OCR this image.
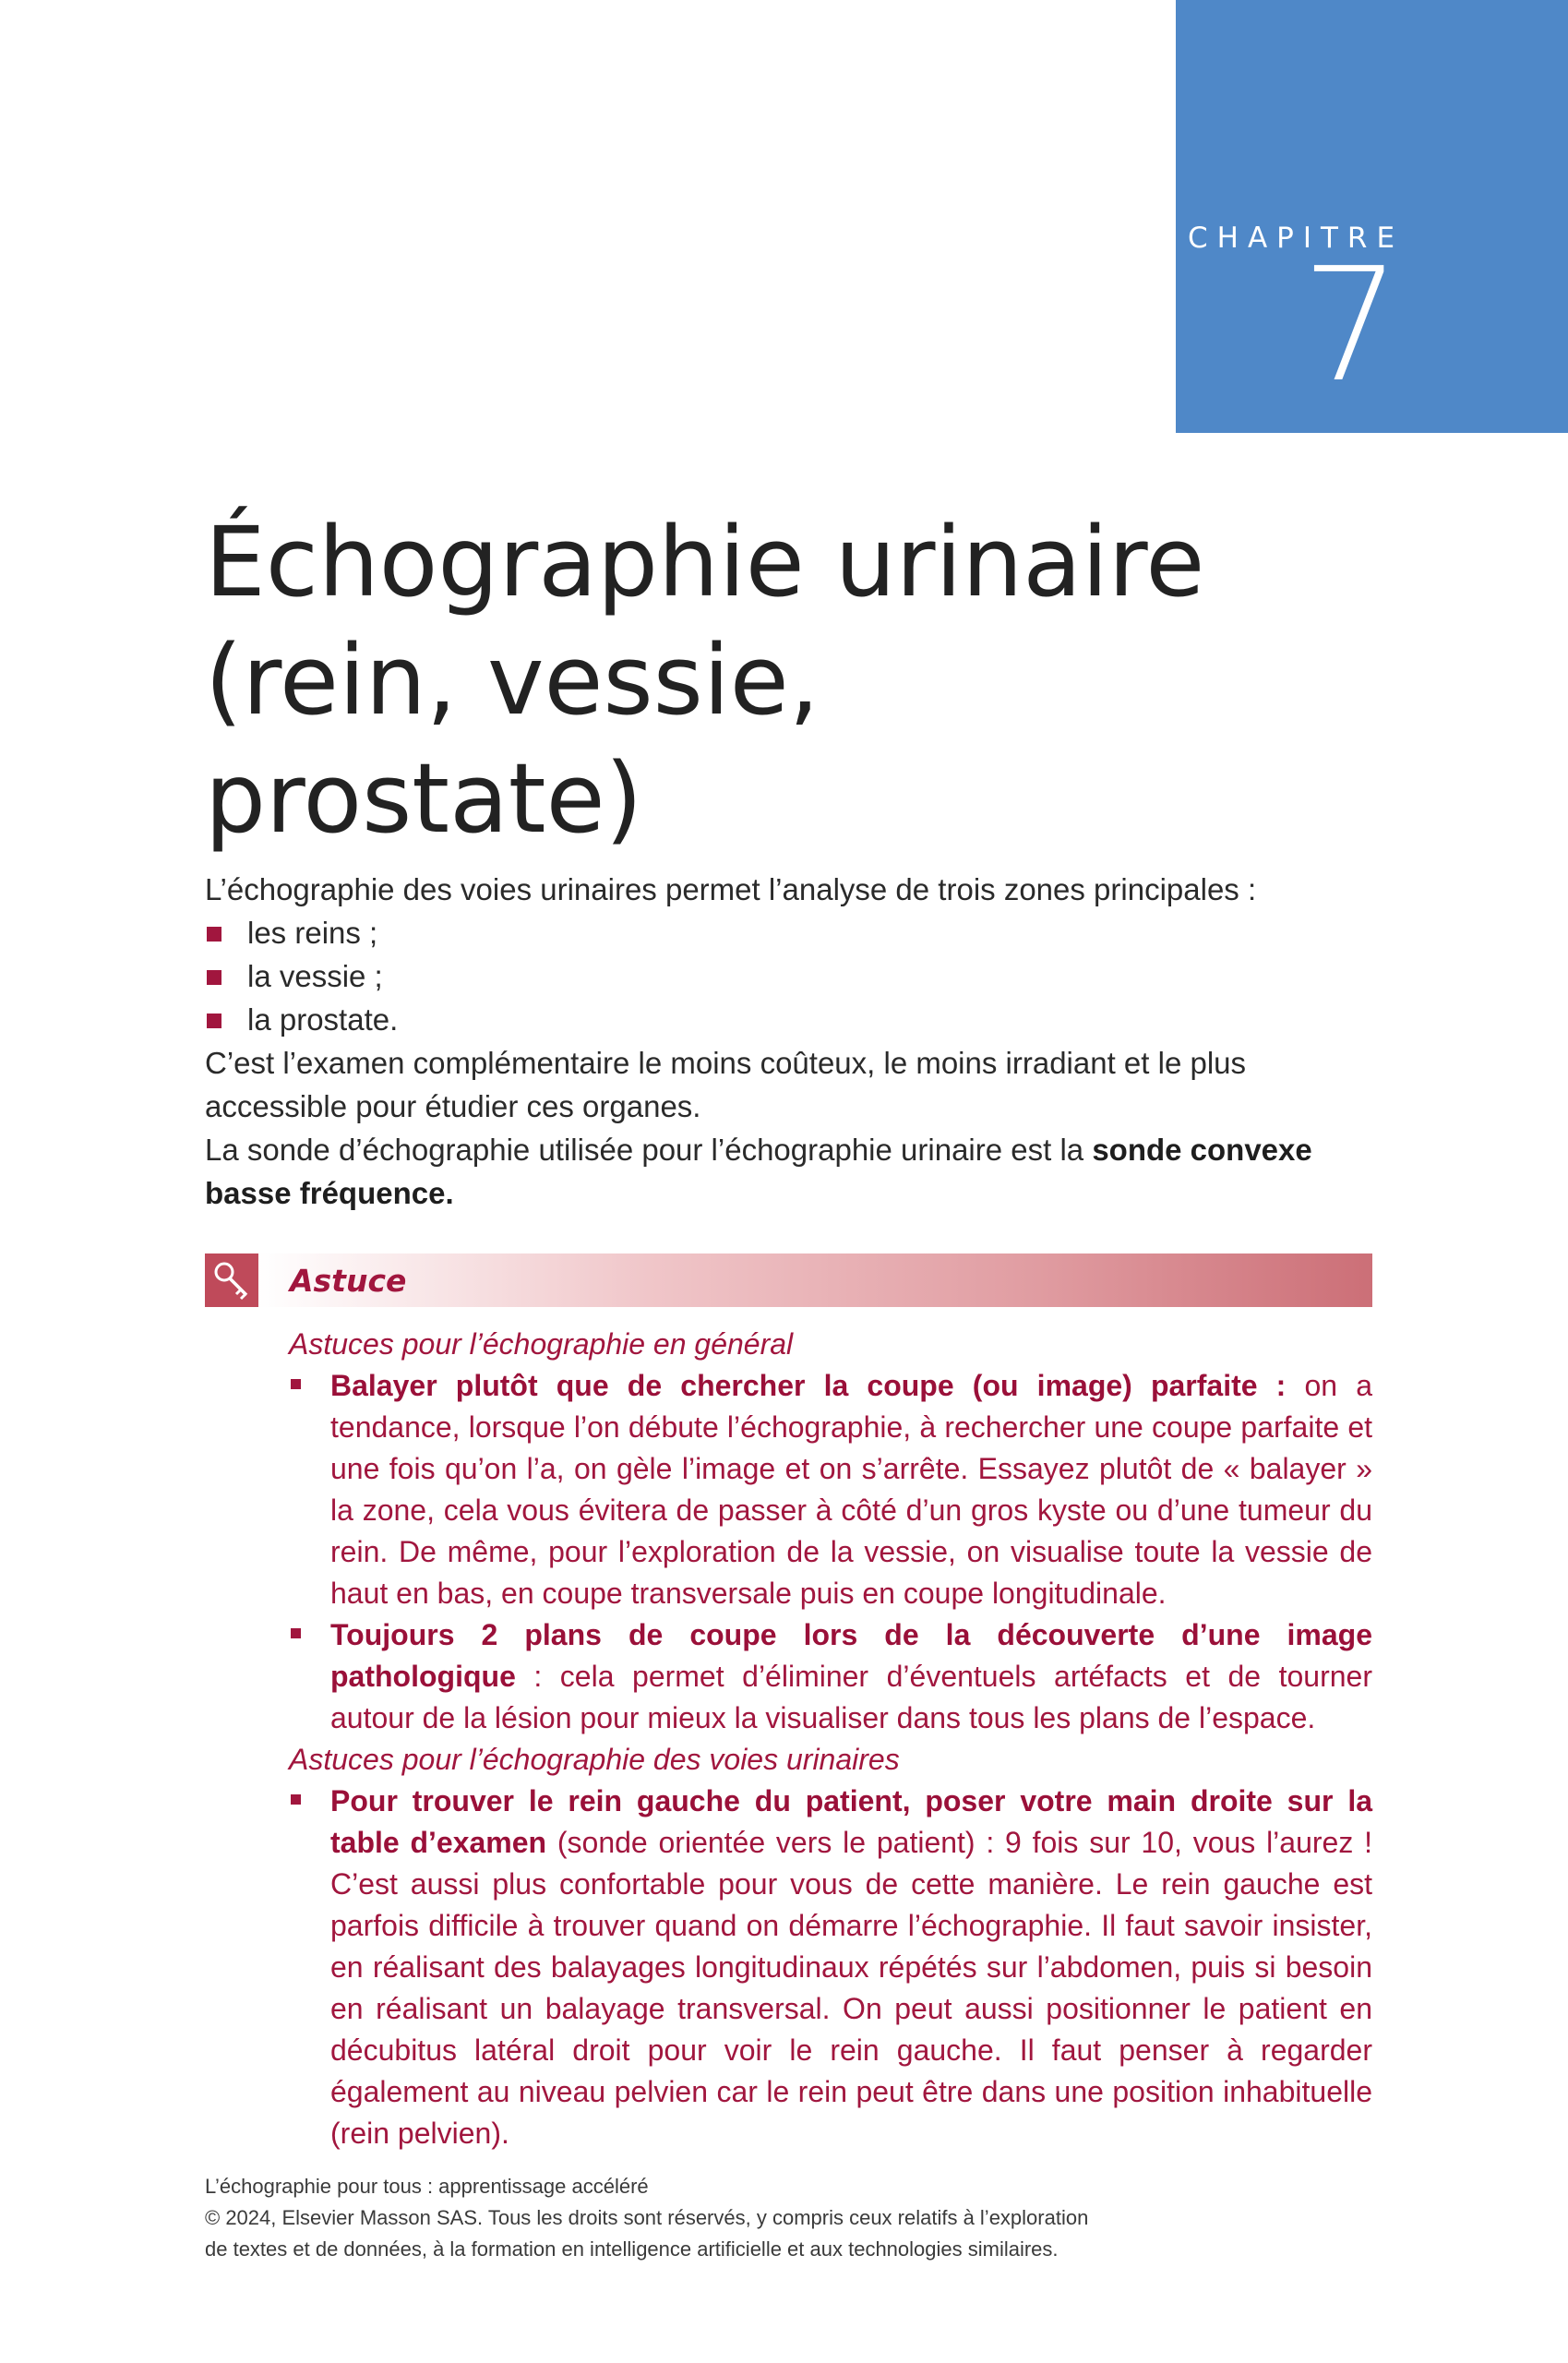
CHAPITRE
7
Échographie urinaire
(rein, vessie, prostate)

L’échographie des voies urinaires permet l’analyse de trois zones principales :

les reins ;
la vessie ;
la prostate.

C’est l’examen complémentaire le moins coûteux, le moins irradiant et le plus accessible pour étudier ces organes.

La sonde d’échographie utilisée pour l’échographie urinaire est la sonde convexe basse fréquence.

Astuce
Astuces pour l’échographie en général
Balayer plutôt que de chercher la coupe (ou image) parfaite : on a tendance, lorsque l’on débute l’échographie, à rechercher une coupe parfaite et une fois qu’on l’a, on gèle l’image et on s’arrête. Essayez plutôt de « balayer » la zone, cela vous évitera de passer à côté d’un gros kyste ou d’une tumeur du rein. De même, pour l’exploration de la vessie, on visualise toute la vessie de haut en bas, en coupe transversale puis en coupe longitudinale.
Toujours 2 plans de coupe lors de la découverte d’une image pathologique : cela permet d’éliminer d’éventuels artéfacts et de tourner autour de la lésion pour mieux la visualiser dans tous les plans de l’espace.
Astuces pour l’échographie des voies urinaires
Pour trouver le rein gauche du patient, poser votre main droite sur la table d’examen (sonde orientée vers le patient) : 9 fois sur 10, vous l’aurez ! C’est aussi plus confortable pour vous de cette manière. Le rein gauche est parfois difficile à trouver quand on démarre l’échographie. Il faut savoir insister, en réalisant des balayages longitudinaux répétés sur l’abdomen, puis si besoin en réalisant un balayage transversal. On peut aussi positionner le patient en décubitus latéral droit pour voir le rein gauche. Il faut penser à regarder également au niveau pelvien car le rein peut être dans une position inhabituelle (rein pelvien).
L’échographie pour tous : apprentissage accéléré
© 2024, Elsevier Masson SAS. Tous les droits sont réservés, y compris ceux relatifs à l’exploration
de textes et de données, à la formation en intelligence artificielle et aux technologies similaires.
